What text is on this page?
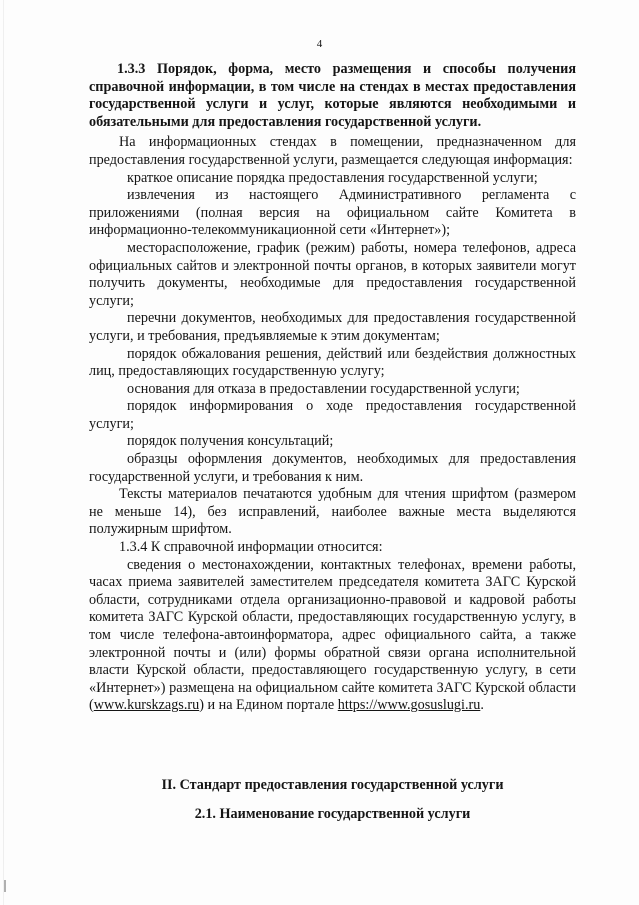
4

1.3.3 Порядок, форма, место размещения и способы получения справочной информации, в том числе на стендах в местах предоставления государственной услуги и услуг, которые являются необходимыми и обязательными для предоставления государственной услуги.

На информационных стендах в помещении, предназначенном для предоставления государственной услуги, размещается следующая информация:

краткое описание порядка предоставления государственной услуги;

извлечения из настоящего Административного регламента с приложениями (полная версия на официальном сайте Комитета в информационно-телекоммуникационной сети «Интернет»);

месторасположение, график (режим) работы, номера телефонов, адреса официальных сайтов и электронной почты органов, в которых заявители могут получить документы, необходимые для предоставления государственной услуги;

перечни документов, необходимых для предоставления государственной услуги, и требования, предъявляемые к этим документам;

порядок обжалования решения, действий или бездействия должностных лиц, предоставляющих государственную услугу;

основания для отказа в предоставлении государственной услуги;

порядок информирования о ходе предоставления государственной услуги;

порядок получения консультаций;

образцы оформления документов, необходимых для предоставления государственной услуги, и требования к ним.

Тексты материалов печатаются удобным для чтения шрифтом (размером не меньше 14), без исправлений, наиболее важные места выделяются полужирным шрифтом.

1.3.4 К справочной информации относится:

сведения о местонахождении, контактных телефонах, времени работы, часах приема заявителей заместителем председателя комитета ЗАГС Курской области, сотрудниками отдела организационно-правовой и кадровой работы комитета ЗАГС Курской области, предоставляющих государственную услугу, в том числе телефона-автоинформатора, адрес официального сайта, а также электронной почты и (или) формы обратной связи органа исполнительной власти Курской области, предоставляющего государственную услугу, в сети «Интернет») размещена на официальном сайте комитета ЗАГС Курской области (www.kurskzags.ru) и на Едином портале https://www.gosuslugi.ru.

II. Стандарт предоставления государственной услуги
2.1. Наименование государственной услуги
